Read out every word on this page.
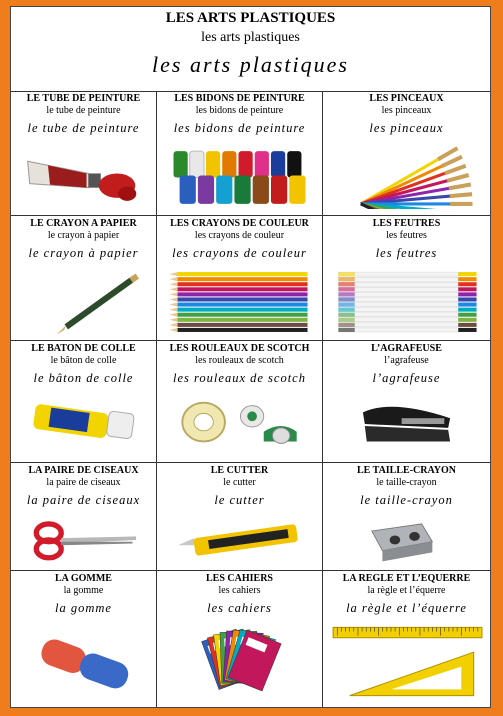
LES ARTS PLASTIQUES
les arts plastiques
les arts plastiques
LE TUBE DE PEINTURE
le tube de peinture
le tube de peinture
LES BIDONS DE PEINTURE
les bidons de peinture
les bidons de peinture
LES PINCEAUX
les pinceaux
les pinceaux
LE CRAYON A PAPIER
le crayon à papier
le crayon à papier
LES CRAYONS DE COULEUR
les crayons de couleur
les crayons de couleur
LES FEUTRES
les feutres
les feutres
LE BATON DE COLLE
le bâton de colle
le bâton de colle
LES ROULEAUX DE SCOTCH
les rouleaux de scotch
les rouleaux de scotch
L’AGRAFEUSE
l’agrafeuse
l’agrafeuse
LA PAIRE DE CISEAUX
la paire de ciseaux
la paire de ciseaux
LE CUTTER
le cutter
le cutter
LE TAILLE-CRAYON
le taille-crayon
le taille-crayon
LA GOMME
la gomme
la gomme
LES CAHIERS
les cahiers
les cahiers
LA REGLE ET L’EQUERRE
la règle et l’équerre
la règle et l’équerre
